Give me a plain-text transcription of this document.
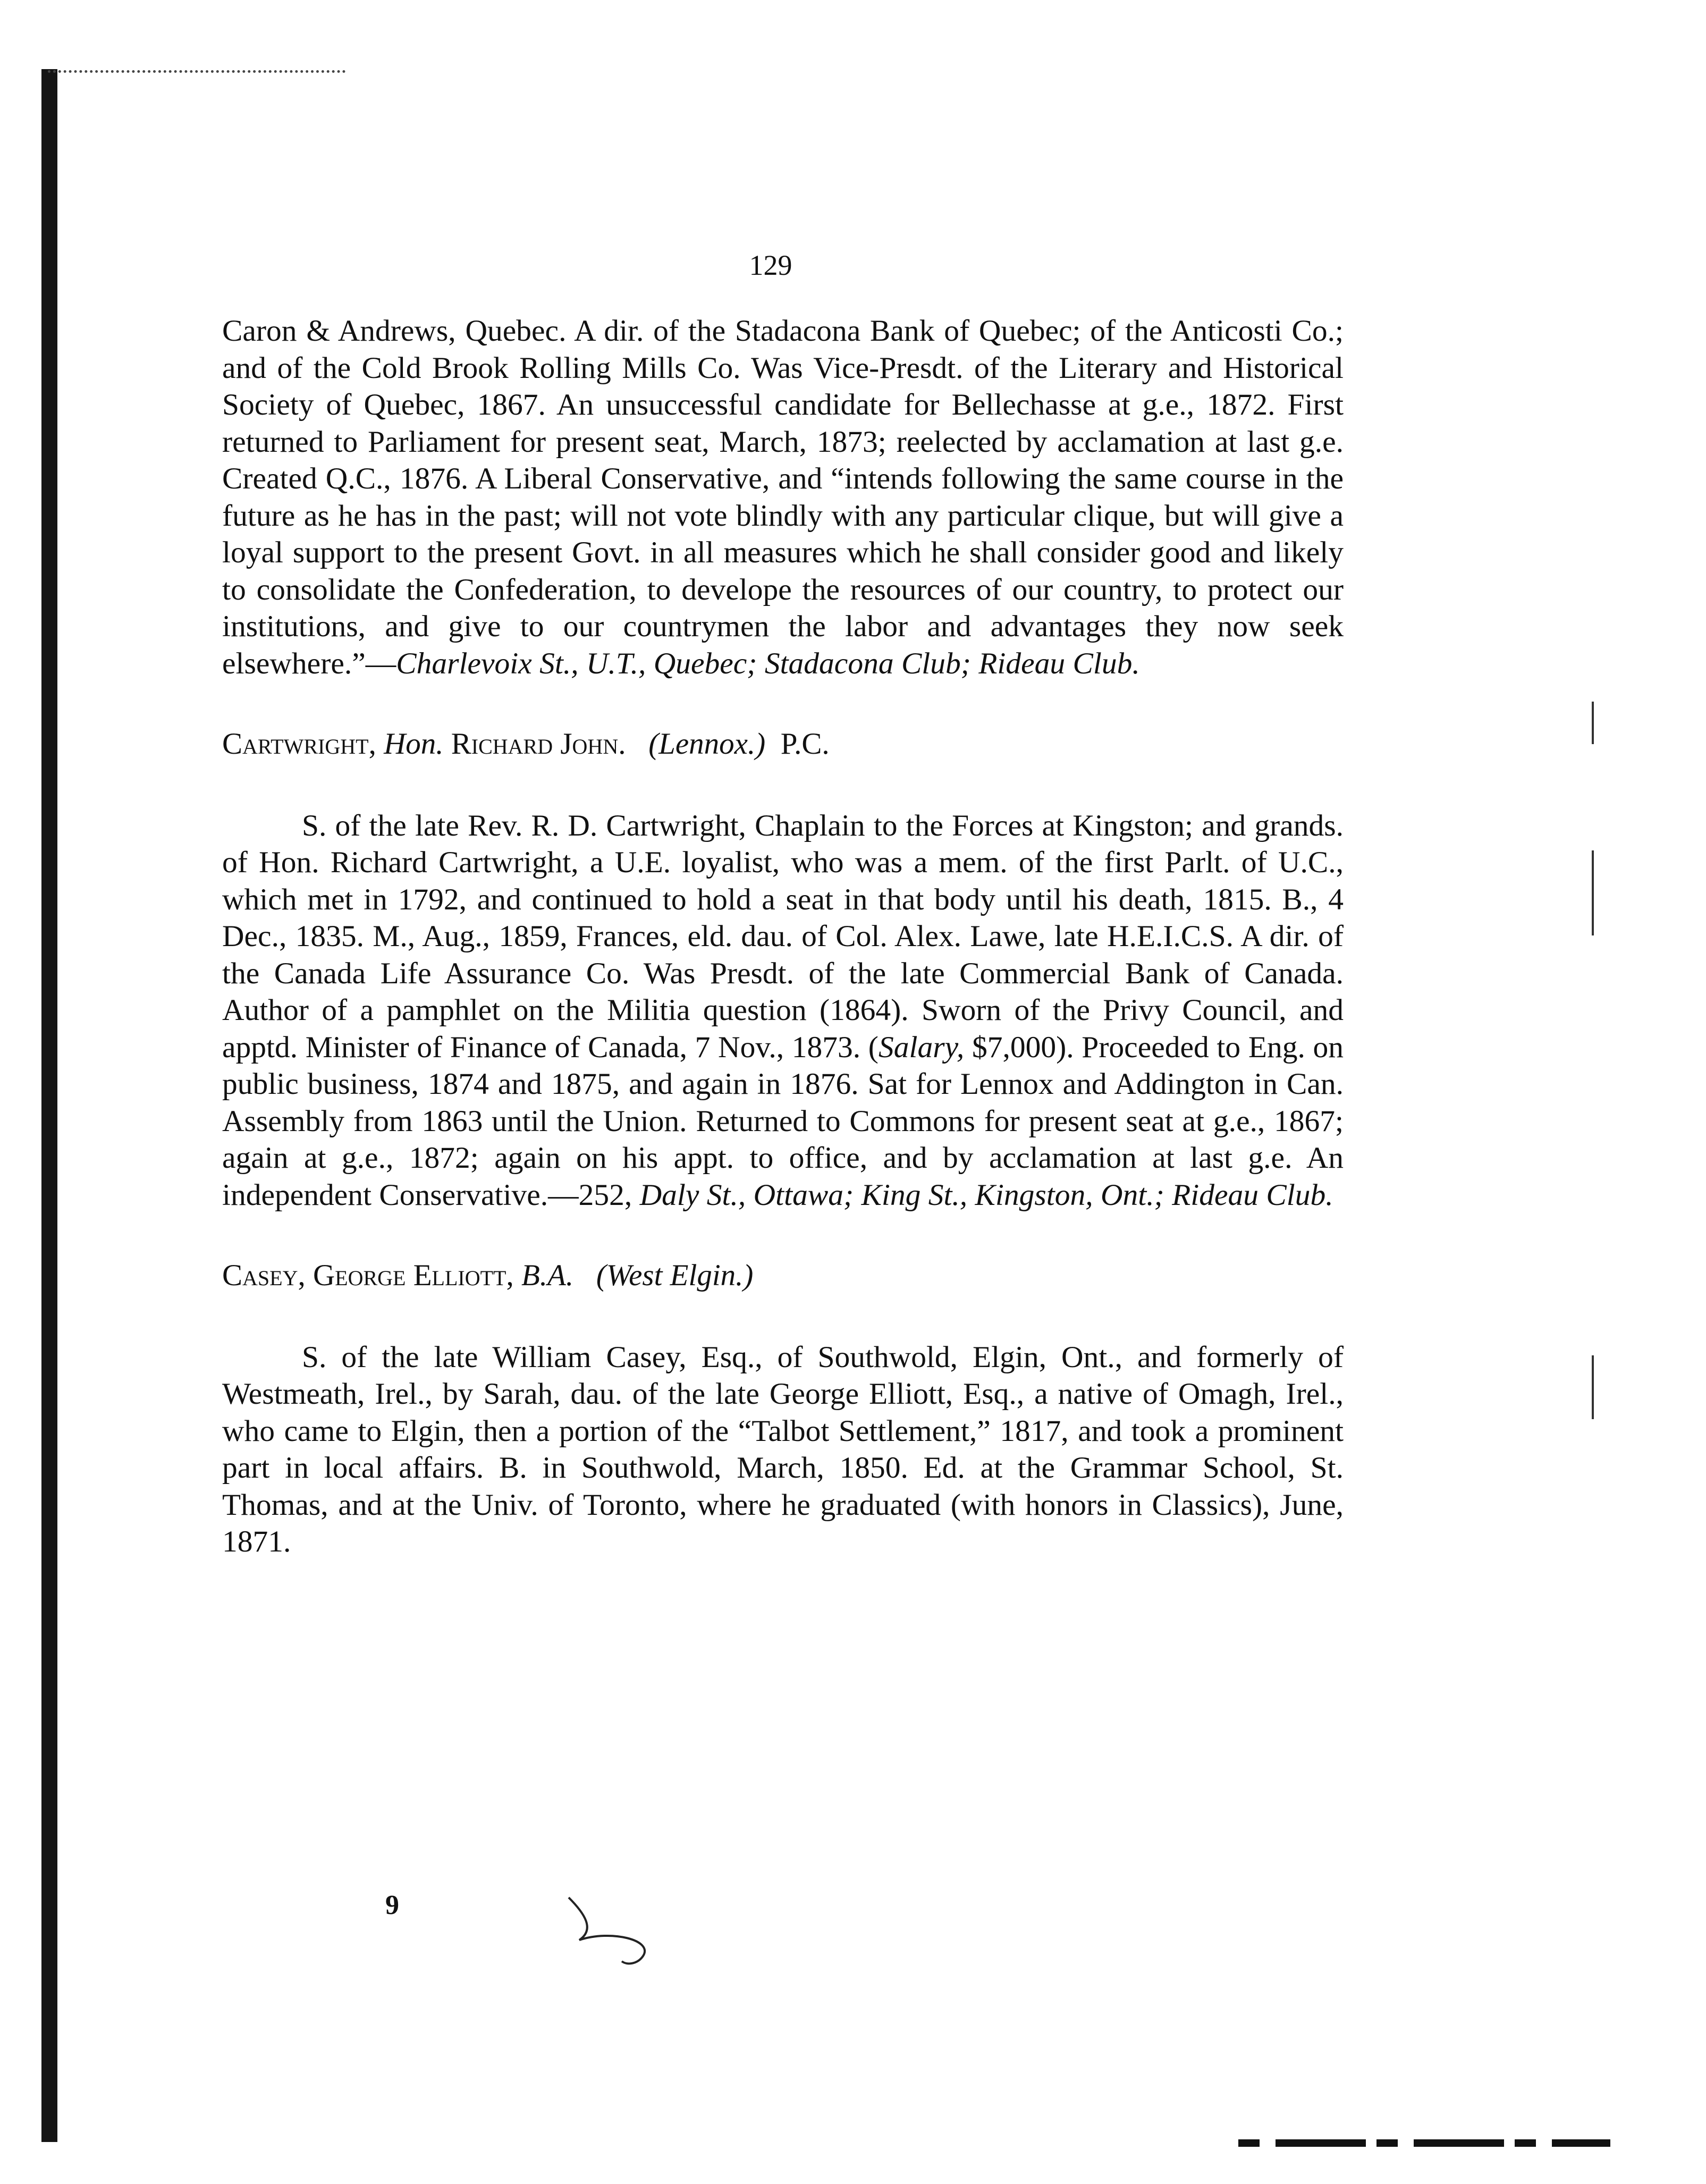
129

Caron & Andrews, Quebec. A dir. of the Stadacona Bank of Quebec; of the Anticosti Co.; and of the Cold Brook Rolling Mills Co. Was Vice-Presdt. of the Literary and Historical Society of Quebec, 1867. An unsuccessful candidate for Bellechasse at g.e., 1872. First returned to Parliament for present seat, March, 1873; reelected by acclamation at last g.e. Created Q.C., 1876. A Liberal Conservative, and “intends following the same course in the future as he has in the past; will not vote blindly with any particular clique, but will give a loyal support to the present Govt. in all measures which he shall consider good and likely to consolidate the Confederation, to develope the resources of our country, to protect our institutions, and give to our countrymen the labor and advantages they now seek elsewhere.”—Charlevoix St., U.T., Quebec; Stadacona Club; Rideau Club.

Cartwright, Hon. Richard John. (Lennox.) P.C.

S. of the late Rev. R. D. Cartwright, Chaplain to the Forces at Kingston; and grands. of Hon. Richard Cartwright, a U.E. loyalist, who was a mem. of the first Parlt. of U.C., which met in 1792, and continued to hold a seat in that body until his death, 1815. B., 4 Dec., 1835. M., Aug., 1859, Frances, eld. dau. of Col. Alex. Lawe, late H.E.I.C.S. A dir. of the Canada Life Assurance Co. Was Presdt. of the late Commercial Bank of Canada. Author of a pamphlet on the Militia question (1864). Sworn of the Privy Council, and apptd. Minister of Finance of Canada, 7 Nov., 1873. (Salary, $7,000). Proceeded to Eng. on public business, 1874 and 1875, and again in 1876. Sat for Lennox and Addington in Can. Assembly from 1863 until the Union. Returned to Commons for present seat at g.e., 1867; again at g.e., 1872; again on his appt. to office, and by acclamation at last g.e. An independent Conservative.—252, Daly St., Ottawa; King St., Kingston, Ont.; Rideau Club.

Casey, George Elliott, B.A. (West Elgin.)

S. of the late William Casey, Esq., of Southwold, Elgin, Ont., and formerly of Westmeath, Irel., by Sarah, dau. of the late George Elliott, Esq., a native of Omagh, Irel., who came to Elgin, then a portion of the “Talbot Settlement,” 1817, and took a prominent part in local affairs. B. in Southwold, March, 1850. Ed. at the Grammar School, St. Thomas, and at the Univ. of Toronto, where he graduated (with honors in Classics), June, 1871.

9
